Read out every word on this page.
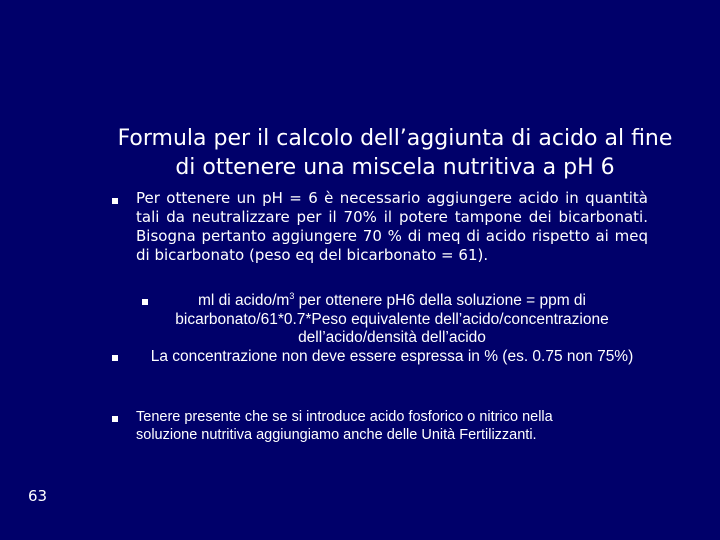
Formula per il calcolo dell’aggiunta di acido al fine di ottenere una miscela nutritiva a pH 6
Per ottenere un pH = 6 è necessario aggiungere acido in quantità tali da neutralizzare per il 70% il potere tampone dei bicarbonati. Bisogna pertanto aggiungere 70 % di meq di acido rispetto ai meq di bicarbonato (peso eq del bicarbonato = 61).
ml di acido/$m^3$ per ottenere pH6 della soluzione = ppm di bicarbonato/61*0.7*Peso equivalente dell’acido/concentrazione dell’acido/densità dell’acido
La concentrazione non deve essere espressa in % (es. 0.75 non 75%)
Tenere presente che se si introduce acido fosforico o nitrico nella soluzione nutritiva aggiungiamo anche delle Unità Fertilizzanti.
63
